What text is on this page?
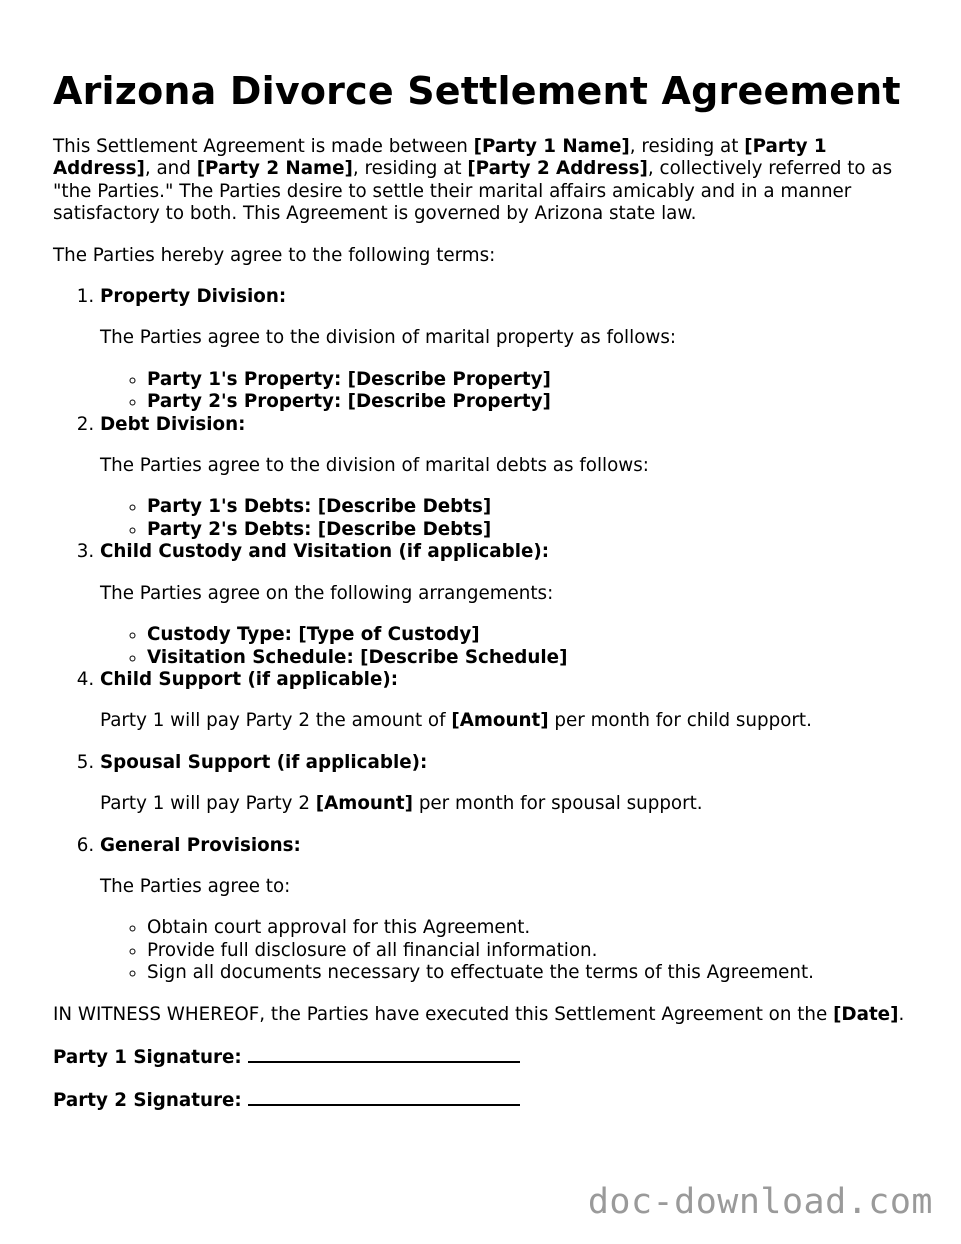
Arizona Divorce Settlement Agreement

This Settlement Agreement is made between [Party 1 Name], residing at [Party 1 Address], and [Party 2 Name], residing at [Party 2 Address], collectively referred to as "the Parties." The Parties desire to settle their marital affairs amicably and in a manner satisfactory to both. This Agreement is governed by Arizona state law.

The Parties hereby agree to the following terms:

1. Property Division:

The Parties agree to the division of marital property as follows:

◦ Party 1's Property: [Describe Property]
◦ Party 2's Property: [Describe Property]
2. Debt Division:

The Parties agree to the division of marital debts as follows:

◦ Party 1's Debts: [Describe Debts]
◦ Party 2's Debts: [Describe Debts]
3. Child Custody and Visitation (if applicable):

The Parties agree on the following arrangements:

◦ Custody Type: [Type of Custody]
◦ Visitation Schedule: [Describe Schedule]
4. Child Support (if applicable):

Party 1 will pay Party 2 the amount of [Amount] per month for child support.

5. Spousal Support (if applicable):

Party 1 will pay Party 2 [Amount] per month for spousal support.

6. General Provisions:

The Parties agree to:

◦ Obtain court approval for this Agreement.
◦ Provide full disclosure of all financial information.
◦ Sign all documents necessary to effectuate the terms of this Agreement.

IN WITNESS WHEREOF, the Parties have executed this Settlement Agreement on the [Date].

Party 1 Signature:

Party 2 Signature:

doc-download.com
